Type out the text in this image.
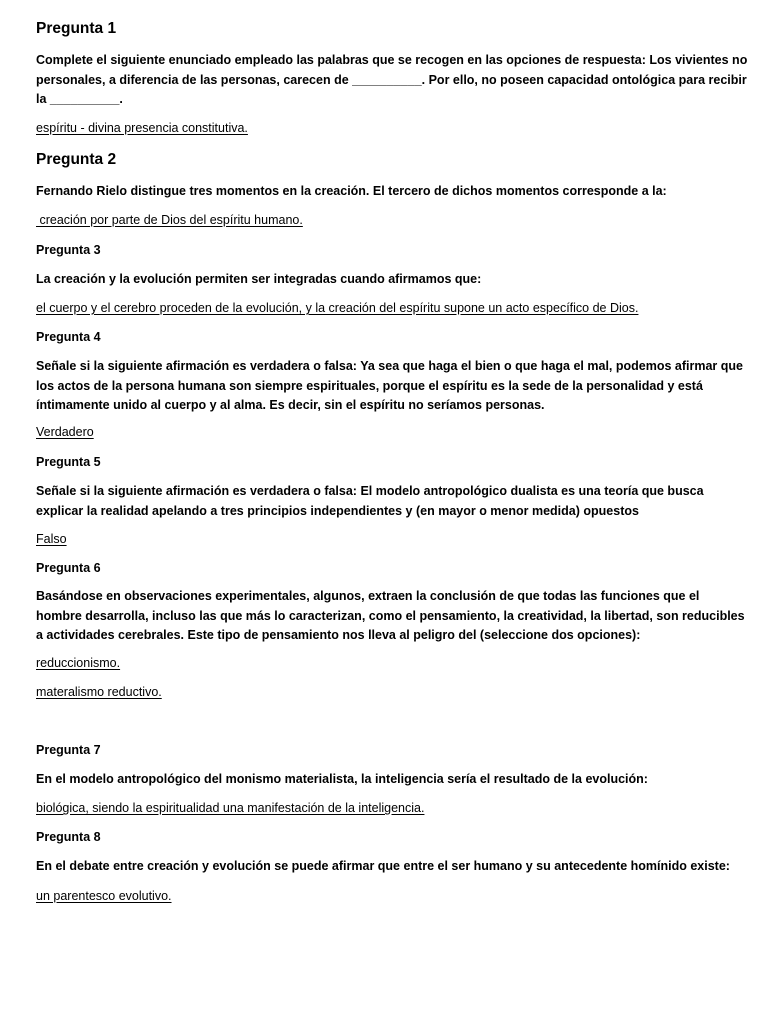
Pregunta 1

Complete el siguiente enunciado empleado las palabras que se recogen en las opciones de respuesta: Los vivientes no personales, a diferencia de las personas, carecen de __________. Por ello, no poseen capacidad ontológica para recibir la __________.

espíritu - divina presencia constitutiva.

Pregunta 2

Fernando Rielo distingue tres momentos en la creación. El tercero de dichos momentos corresponde a la:

creación por parte de Dios del espíritu humano.

Pregunta 3

La creación y la evolución permiten ser integradas cuando afirmamos que:

el cuerpo y el cerebro proceden de la evolución, y la creación del espíritu supone un acto específico de Dios.

Pregunta 4

Señale si la siguiente afirmación es verdadera o falsa: Ya sea que haga el bien o que haga el mal, podemos afirmar que los actos de la persona humana son siempre espirituales, porque el espíritu es la sede de la personalidad y está íntimamente unido al cuerpo y al alma. Es decir, sin el espíritu no seríamos personas.

Verdadero

Pregunta 5

Señale si la siguiente afirmación es verdadera o falsa: El modelo antropológico dualista es una teoría que busca explicar la realidad apelando a tres principios independientes y (en mayor o menor medida) opuestos

Falso

Pregunta 6

Basándose en observaciones experimentales, algunos, extraen la conclusión de que todas las funciones que el hombre desarrolla, incluso las que más lo caracterizan, como el pensamiento, la creatividad, la libertad, son reducibles a actividades cerebrales. Este tipo de pensamiento nos lleva al peligro del (seleccione dos opciones):

reduccionismo.

materalismo reductivo.

Pregunta 7

En el modelo antropológico del monismo materialista, la inteligencia sería el resultado de la evolución:

biológica, siendo la espiritualidad una manifestación de la inteligencia.

Pregunta 8

En el debate entre creación y evolución se puede afirmar que entre el ser humano y su antecedente homínido existe:

un parentesco evolutivo.
